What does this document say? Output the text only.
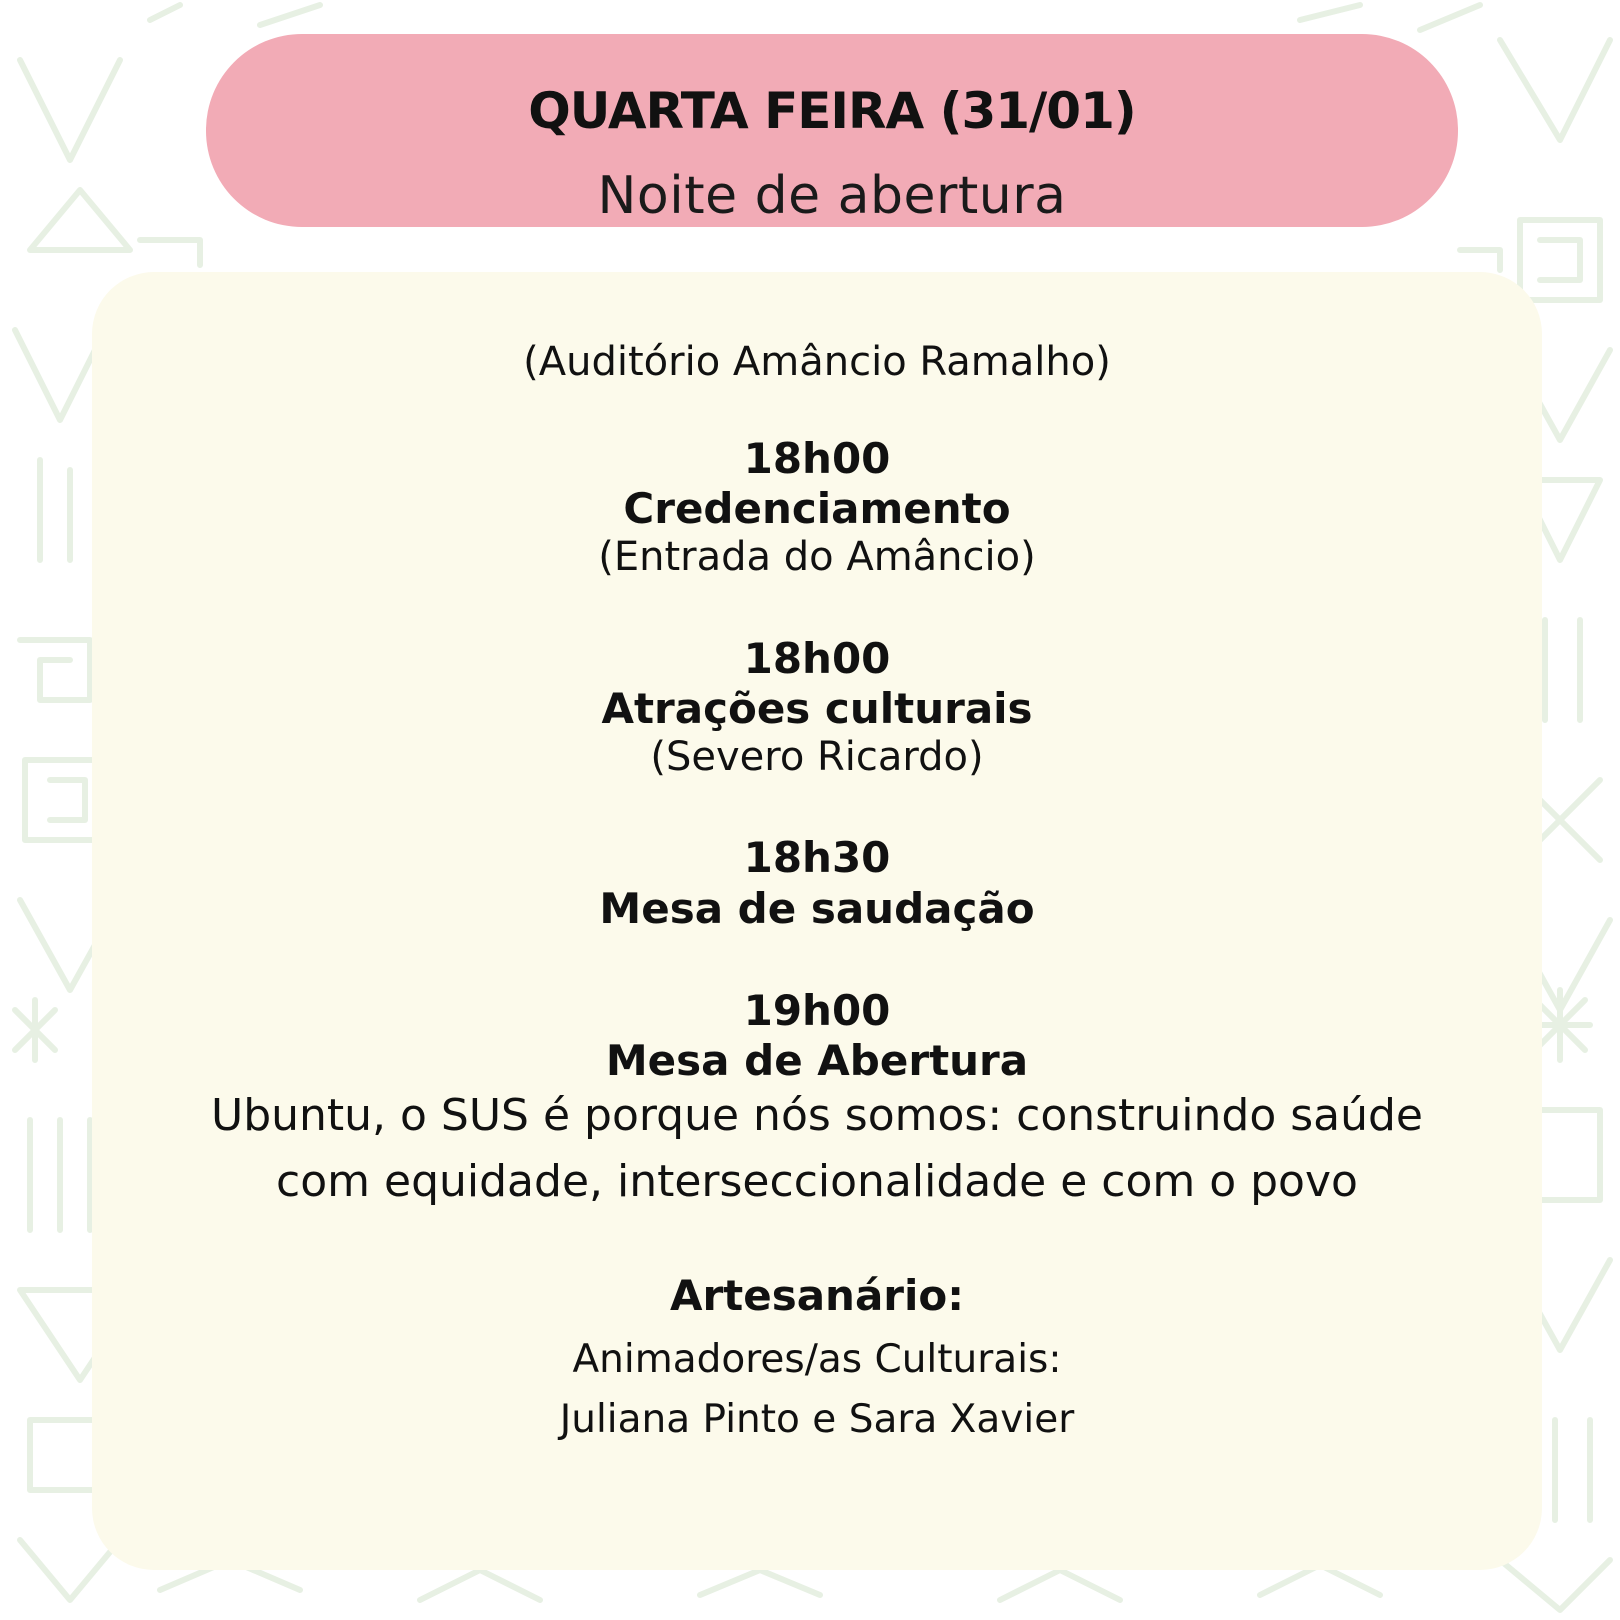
QUARTA FEIRA (31/01)
Noite de abertura
(Auditório Amâncio Ramalho)
18h00
Credenciamento
(Entrada do Amâncio)
18h00
Atrações culturais
(Severo Ricardo)
18h30
Mesa de saudação
19h00
Mesa de Abertura
Ubuntu, o SUS é porque nós somos: construindo saúde
com equidade, interseccionalidade e com o povo
Artesanário:
Animadores/as Culturais:
Juliana Pinto e Sara Xavier
